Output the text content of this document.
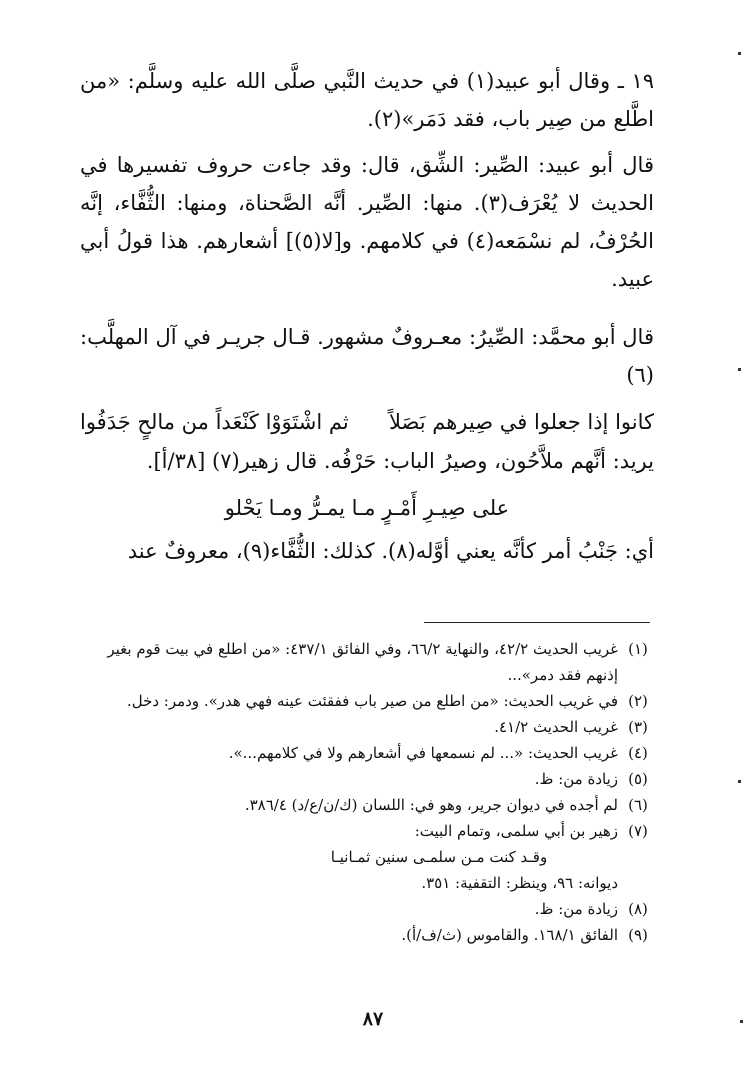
١٩ ـ وقال أبو عبيد(١) في حديث النَّبي صلَّى الله عليه وسلَّم: «من اطَّلع من صِير باب، فقد دَمَر»(٢).

قال أبو عبيد: الصِّير: الشِّق، قال: وقد جاءت حروف تفسيرها في الحديث لا يُعْرَف(٣). منها: الصِّير. أنَّه الصَّحناة، ومنها: الثُّفَّاء، إنَّه الحُرْفُ، لم نسْمَعه(٤) في كلامهم. و[لا(٥)] أشعارهم. هذا قولُ أبي عبيد.

قال أبو محمَّد: الصِّيرُ: معـروفٌ مشهور. قـال جريـر في آل المهلَّب:(٦)

كانوا إذا جعلوا في صِيرهم بَصَلاً
ثم اشْتَوَوْا كَنْعَداً من مالحٍ جَدَفُوا

يريد: أنَّهم ملاَّحُون، وصيرُ الباب: حَرْفُه. قال زهير(٧) [٣٨/أ].

على صِيـرِ أَمْـرٍ مـا يمـرُّ ومـا يَحْلو

أي: جَنْبُ أمر كأنَّه يعني أوَّله(٨). كذلك: الثُّفَّاء(٩)، معروفٌ عند

(١)
غريب الحديث ٤٢/٢، والنهاية ٦٦/٢، وفي الفائق ٤٣٧/١: «من اطلع في بيت قوم بغير إذنهم فقد دمر»...
(٢)
في غريب الحديث: «من اطلع من صير باب ففقئت عينه فهي هدر». ودمر: دخل.
(٣)
غريب الحديث ٤١/٢.
(٤)
غريب الحديث: «... لم نسمعها في أشعارهم ولا في كلامهم...».
(٥)
زيادة من: ظ.
(٦)
لم أجده في ديوان جرير، وهو في: اللسان (ك/ن/ع/د) ٣٨٦/٤.
(٧)
زهير بن أبي سلمى، وتمام البيت:
وقـد كنت مـن سلمـى سنين ثمـانيـا
ديوانه: ٩٦، وينظر: التقفية: ٣٥١.
(٨)
زيادة من: ظ.
(٩)
الفائق ١٦٨/١. والقاموس (ث/ف/أ).
٨٧
